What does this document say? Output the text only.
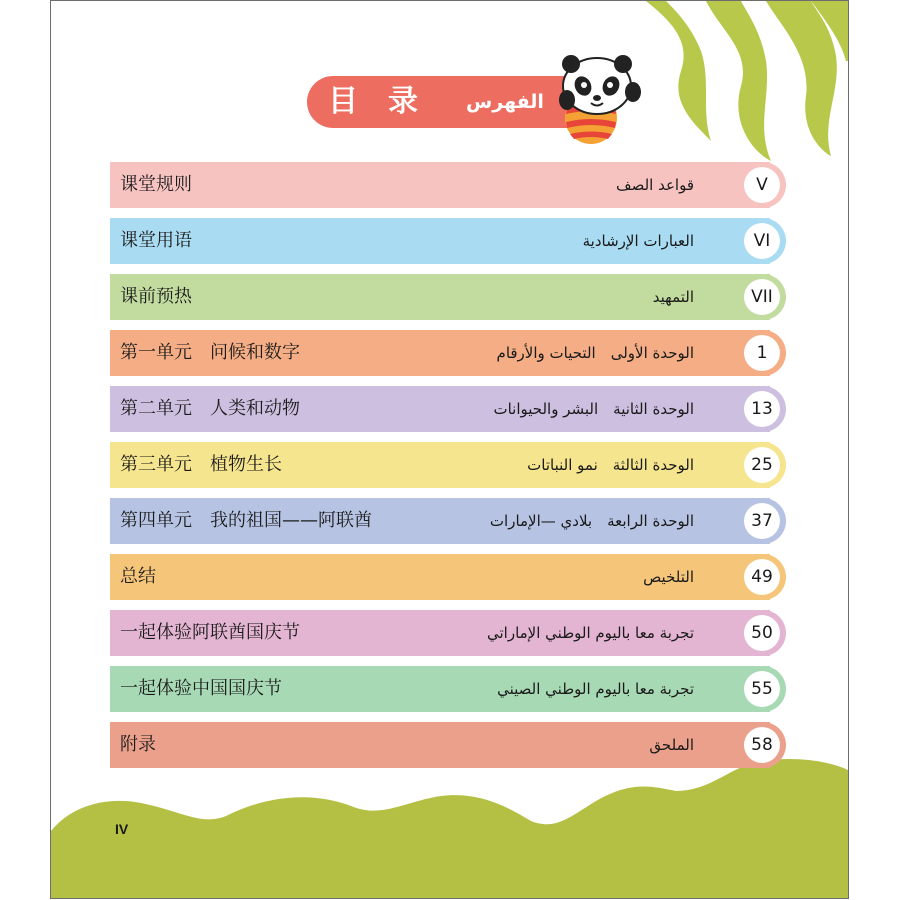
IV
目录 الفهرس
课堂规则	قواعد الصف	V
课堂用语	العبارات الإرشادية	VI
课前预热	التمهيد	VII
第一单元　问候和数字	الوحدة الأولى　التحيات والأرقام	1
第二单元　人类和动物	الوحدة الثانية　البشر والحيوانات	13
第三单元　植物生长	الوحدة الثالثة　نمو النباتات	25
第四单元　我的祖国——阿联酋	الوحدة الرابعة　بلادي —الإمارات	37
总结	التلخيص	49
一起体验阿联酋国庆节	تجربة معا باليوم الوطني الإماراتي	50
一起体验中国国庆节	تجربة معا باليوم الوطني الصيني	55
附录	الملحق	58
